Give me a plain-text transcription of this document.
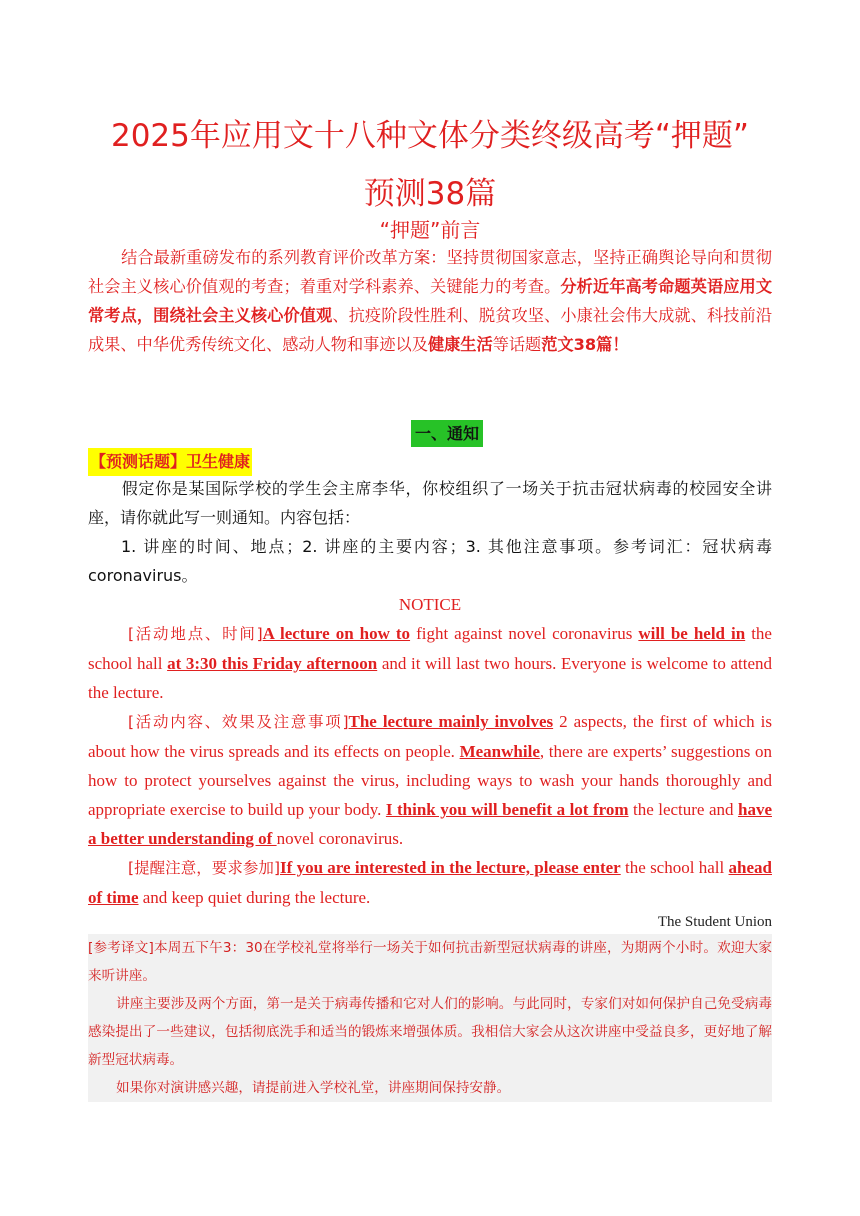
2025年应用文十八种文体分类终级高考“押题”
预测38篇
“押题”前言
结合最新重磅发布的系列教育评价改革方案：坚持贯彻国家意志，坚持正确舆论导向和贯彻社会主义核心价值观的考查；着重对学科素养、关键能力的考查。分析近年高考命题英语应用文常考点，围绕社会主义核心价值观、抗疫阶段性胜利、脱贫攻坚、小康社会伟大成就、科技前沿成果、中华优秀传统文化、感动人物和事迹以及健康生活等话题范文38篇！
一、通知
【预测话题】卫生健康

假定你是某国际学校的学生会主席李华，你校组织了一场关于抗击冠状病毒的校园安全讲座，请你就此写一则通知。内容包括：

1. 讲座的时间、地点；2. 讲座的主要内容；3. 其他注意事项。参考词汇：冠状病毒coronavirus。

NOTICE

[活动地点、时间]A lecture on how to fight against novel coronavirus will be held in the school hall at 3:30 this Friday afternoon and it will last two hours. Everyone is welcome to attend the lecture.

[活动内容、效果及注意事项]The lecture mainly involves 2 aspects, the first of which is about how the virus spreads and its effects on people. Meanwhile, there are experts’ suggestions on how to protect yourselves against the virus, including ways to wash your hands thoroughly and appropriate exercise to build up your body. I think you will benefit a lot from the lecture and have a better understanding of novel coronavirus.

[提醒注意，要求参加]If you are interested in the lecture, please enter the school hall ahead of time and keep quiet during the lecture.

The Student Union

[参考译文]本周五下午3：30在学校礼堂将举行一场关于如何抗击新型冠状病毒的讲座，为期两个小时。欢迎大家来听讲座。

讲座主要涉及两个方面，第一是关于病毒传播和它对人们的影响。与此同时，专家们对如何保护自己免受病毒感染提出了一些建议，包括彻底洗手和适当的锻炼来增强体质。我相信大家会从这次讲座中受益良多，更好地了解新型冠状病毒。

如果你对演讲感兴趣，请提前进入学校礼堂，讲座期间保持安静。
